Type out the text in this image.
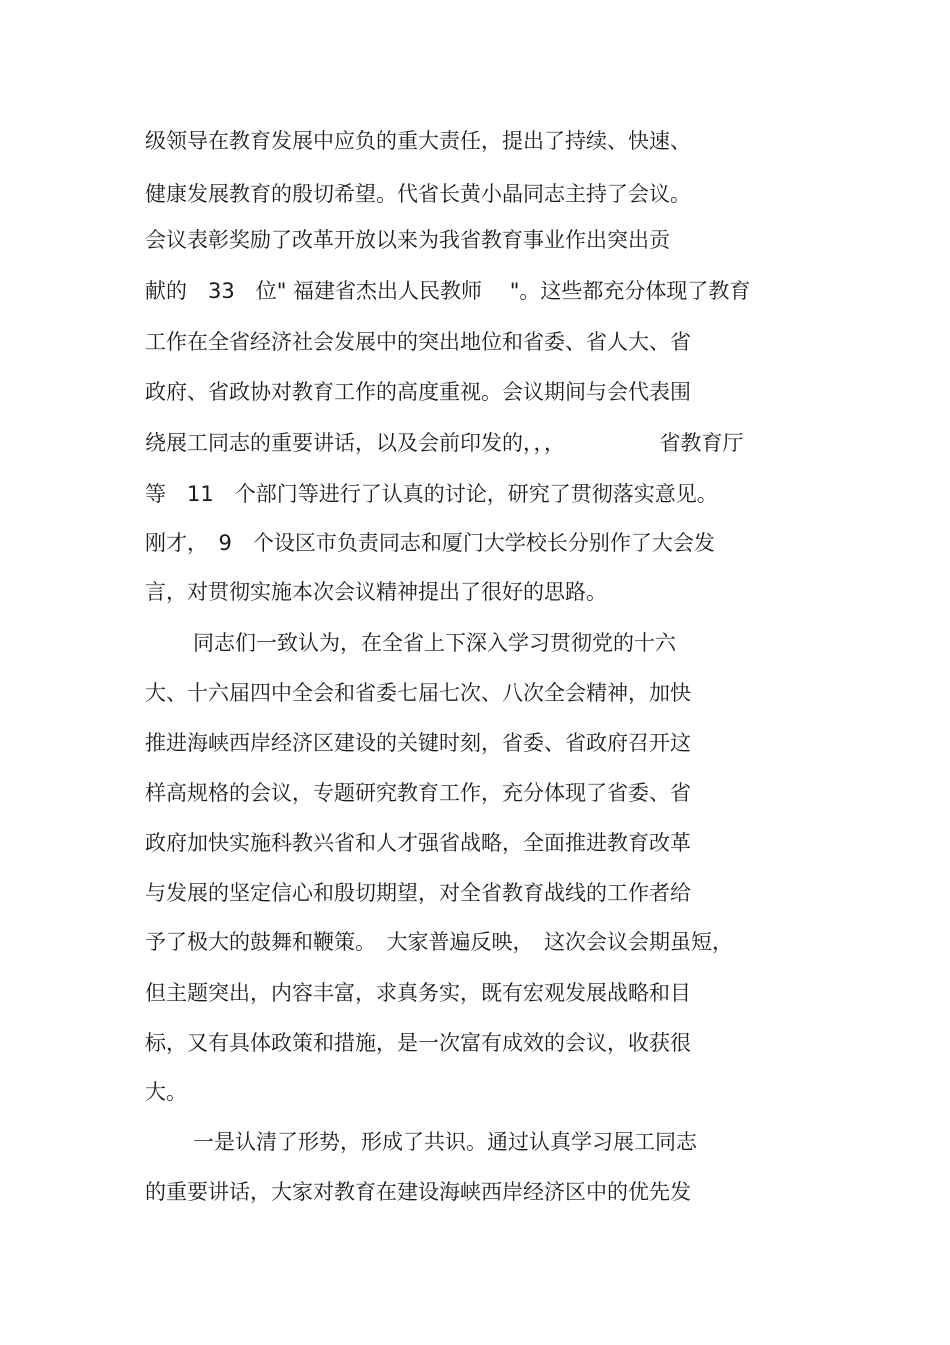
级领导在教育发展中应负的重大责任，提出了持续、快速、

健康发展教育的殷切希望。代省长黄小晶同志主持了会议。

会议表彰奖励了改革开放以来为我省教育事业作出突出贡

献的　33　位" 福建省杰出人民教师　 "。这些都充分体现了教育

工作在全省经济社会发展中的突出地位和省委、省人大、省

政府、省政协对教育工作的高度重视。会议期间与会代表围

绕展工同志的重要讲话，以及会前印发的，，，　　　　　省教育厅

等　11　个部门等进行了认真的讨论，研究了贯彻落实意见。

刚才，　9　个设区市负责同志和厦门大学校长分别作了大会发

言，对贯彻实施本次会议精神提出了很好的思路。

同志们一致认为，在全省上下深入学习贯彻党的十六

大、十六届四中全会和省委七届七次、八次全会精神，加快

推进海峡西岸经济区建设的关键时刻，省委、省政府召开这

样高规格的会议，专题研究教育工作，充分体现了省委、省

政府加快实施科教兴省和人才强省战略，全面推进教育改革

与发展的坚定信心和殷切期望，对全省教育战线的工作者给

予了极大的鼓舞和鞭策。　大家普遍反映，　这次会议会期虽短，

但主题突出，内容丰富，求真务实，既有宏观发展战略和目

标，又有具体政策和措施，是一次富有成效的会议，收获很

大。

一是认清了形势，形成了共识。通过认真学习展工同志

的重要讲话，大家对教育在建设海峡西岸经济区中的优先发
